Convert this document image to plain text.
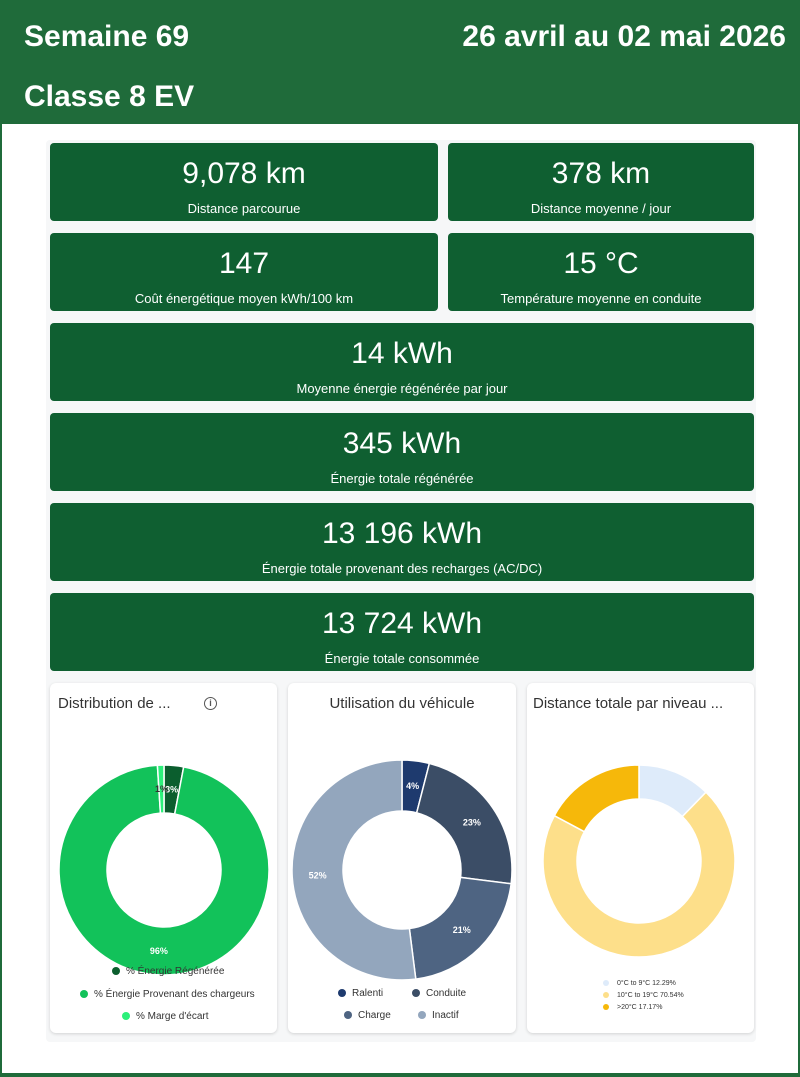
Semaine 69
Classe 8 EV
26 avril au 02 mai 2026
9,078 km
Distance parcourue
378 km
Distance moyenne / jour
147
Coût énergétique moyen kWh/100 km
15 °C
Température moyenne en conduite
14 kWh
Moyenne énergie régénérée par jour
345 kWh
Énergie totale régénérée
13 196 kWh
Énergie totale provenant des recharges (AC/DC)
13 724 kWh
Énergie totale consommée
Distribution de ...	i
3%
96%
1%
% Énergie Régénérée
% Énergie Provenant des chargeurs
% Marge d'écart
Utilisation du véhicule
4%
23%
21%
52%
Ralenti	Conduite
Charge	Inactif
Distance totale par niveau ...
0°C to 9°C 12.29%
10°C to 19°C 70.54%
>20°C 17.17%
